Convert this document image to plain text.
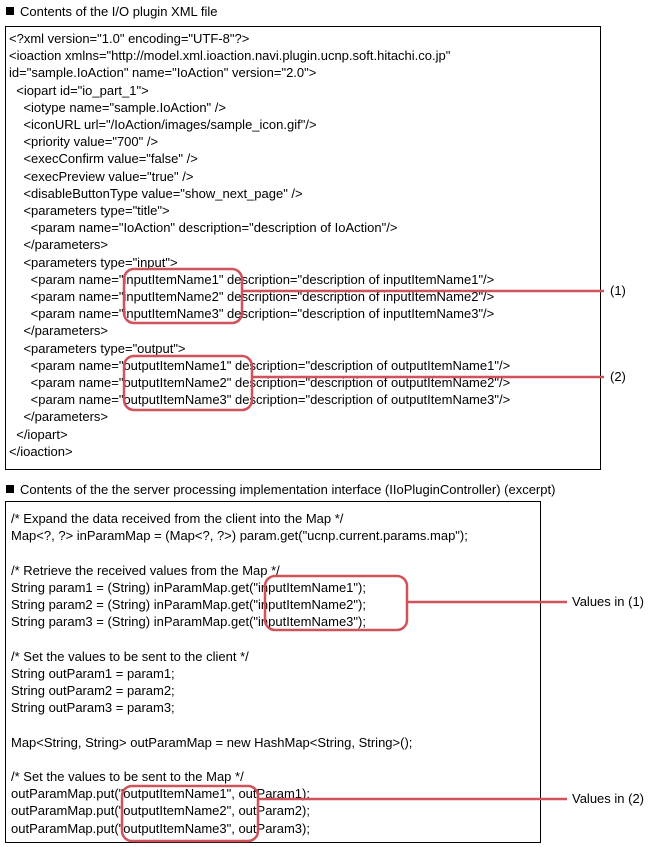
Contents of the I/O plugin XML file
<?xml version="1.0" encoding="UTF-8"?>
<ioaction xmlns="http://model.xml.ioaction.navi.plugin.ucnp.soft.hitachi.co.jp"
id="sample.IoAction" name="IoAction" version="2.0">
<iopart id="io_part_1">
<iotype name="sample.IoAction" />
<iconURL url="/IoAction/images/sample_icon.gif"/>
<priority value="700" />
<execConfirm value="false" />
<execPreview value="true" />
<disableButtonType value="show_next_page" />
<parameters type="title">
<param name="IoAction" description="description of IoAction"/>
</parameters>
<parameters type="input">
<param name="inputItemName1" description="description of inputItemName1"/>
<param name="inputItemName2" description="description of inputItemName2"/>
<param name="inputItemName3" description="description of inputItemName3"/>
</parameters>
<parameters type="output">
<param name="outputItemName1" description="description of outputItemName1"/>
<param name="outputItemName2" description="description of outputItemName2"/>
<param name="outputItemName3" description="description of outputItemName3"/>
</parameters>
</iopart>
</ioaction>
Contents of the the server processing implementation interface (IIoPluginController) (excerpt)
/* Expand the data received from the client into the Map */
Map<?, ?> inParamMap = (Map<?, ?>) param.get("ucnp.current.params.map");
/* Retrieve the received values from the Map */
String param1 = (String) inParamMap.get("inputItemName1");
String param2 = (String) inParamMap.get("inputItemName2");
String param3 = (String) inParamMap.get("inputItemName3");
/* Set the values to be sent to the client */
String outParam1 = param1;
String outParam2 = param2;
String outParam3 = param3;
Map<String, String> outParamMap = new HashMap<String, String>();
/* Set the values to be sent to the Map */
outParamMap.put("outputItemName1", outParam1);
outParamMap.put("outputItemName2", outParam2);
outParamMap.put("outputItemName3", outParam3);
(1)
(2)
Values in (1)
Values in (2)
